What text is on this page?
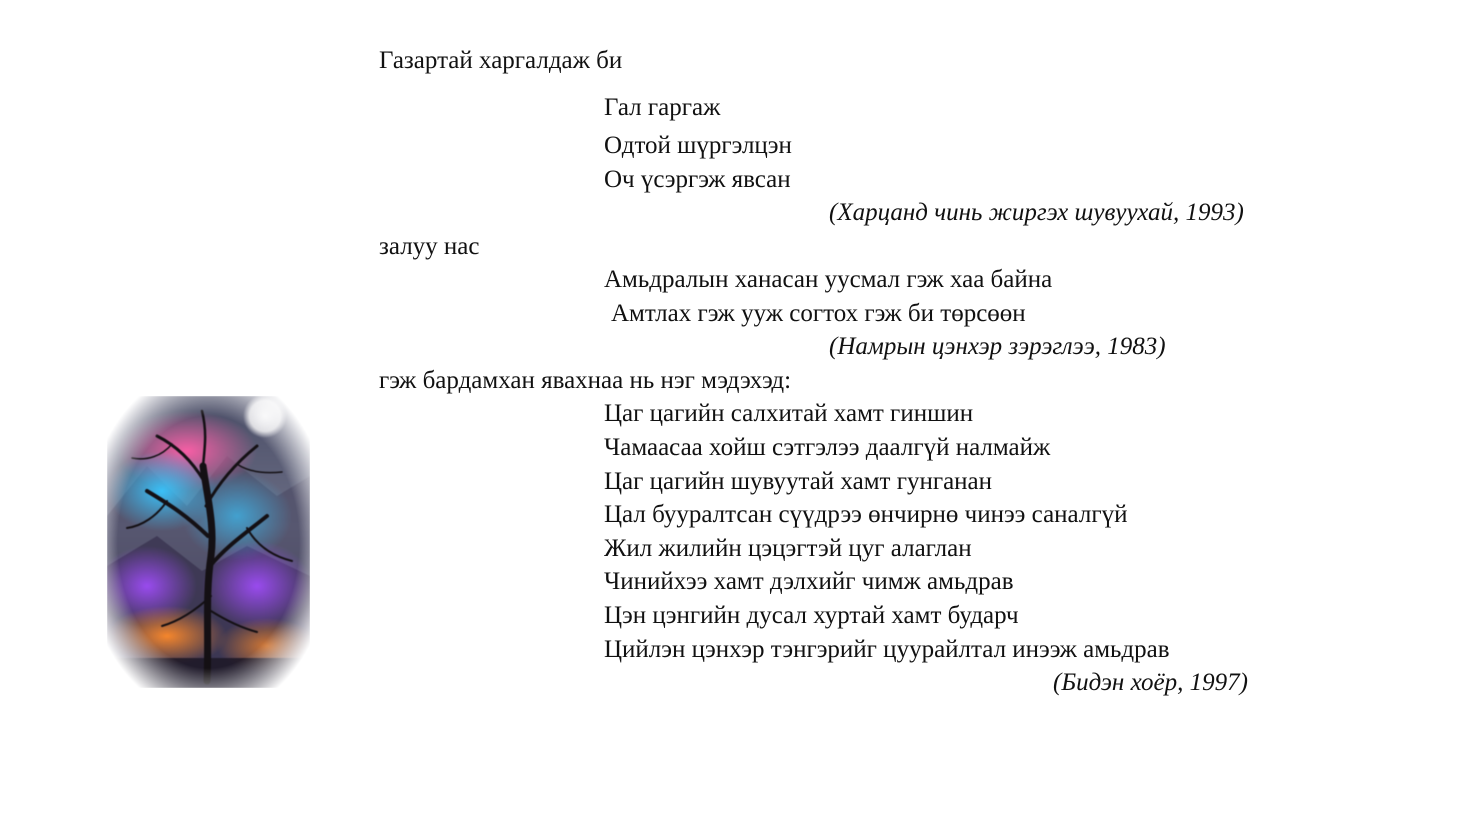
Газартай харгалдаж би
Гал гаргаж
Одтой шүргэлцэн
Оч үсэргэж явсан
(Харцанд чинь жиргэх шувуухай, 1993)
залуу нас
Амьдралын ханасан уусмал гэж хаа байна
Амтлах гэж ууж согтох гэж би төрсөөн
(Намрын цэнхэр зэрэглээ, 1983)
гэж бардамхан явахнаа нь нэг мэдэхэд:
Цаг цагийн салхитай хамт гиншин
Чамаасаа хойш сэтгэлээ даалгүй налмайж
Цаг цагийн шувуутай хамт гунганан
Цал бууралтсан сүүдрээ өнчирнө чинээ саналгүй
Жил жилийн цэцэгтэй цуг алаглан
Чинийхээ хамт дэлхийг чимж амьдрав
Цэн цэнгийн дусал хуртай хамт бударч
Цийлэн цэнхэр тэнгэрийг цуурайлтал инээж амьдрав
(Бидэн хоёр, 1997)
